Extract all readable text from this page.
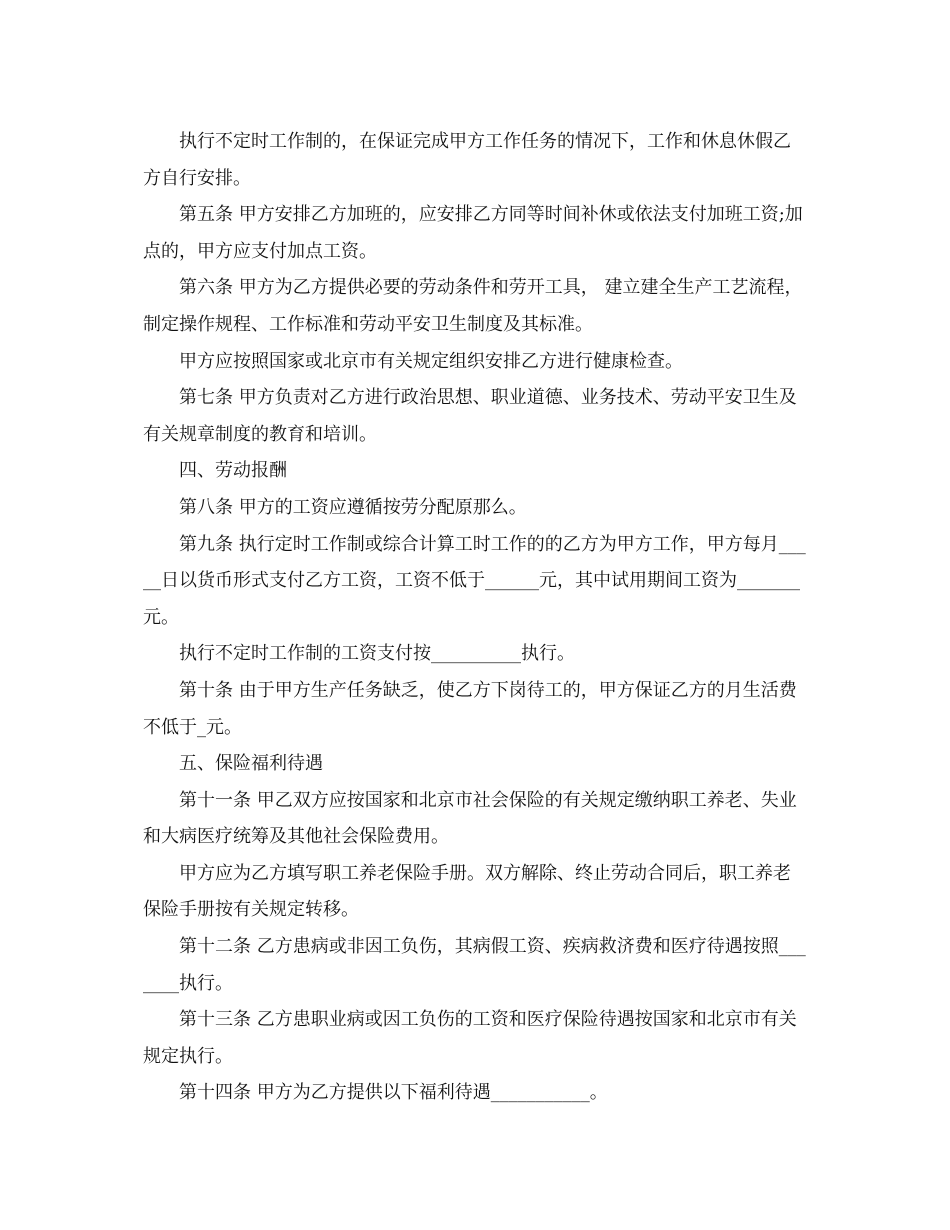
执行不定时工作制的，在保证完成甲方工作任务的情况下，工作和休息休假乙方自行安排。

第五条 甲方安排乙方加班的，应安排乙方同等时间补休或依法支付加班工资;加点的，甲方应支付加点工资。

第六条 甲方为乙方提供必要的劳动条件和劳开工具， 建立建全生产工艺流程， 制定操作规程、工作标准和劳动平安卫生制度及其标准。

甲方应按照国家或北京市有关规定组织安排乙方进行健康检查。

第七条 甲方负责对乙方进行政治思想、职业道德、业务技术、劳动平安卫生及有关规章制度的教育和培训。

四、劳动报酬

第八条 甲方的工资应遵循按劳分配原那么。

第九条 执行定时工作制或综合计算工时工作的的乙方为甲方工作，甲方每月_____日以货币形式支付乙方工资，工资不低于______元，其中试用期间工资为_______元。

执行不定时工作制的工资支付按__________执行。

第十条 由于甲方生产任务缺乏，使乙方下岗待工的，甲方保证乙方的月生活费不低于_元。

五、保险福利待遇

第十一条 甲乙双方应按国家和北京市社会保险的有关规定缴纳职工养老、失业和大病医疗统筹及其他社会保险费用。

甲方应为乙方填写职工养老保险手册。双方解除、终止劳动合同后，职工养老保险手册按有关规定转移。

第十二条 乙方患病或非因工负伤，其病假工资、疾病救济费和医疗待遇按照_______执行。

第十三条 乙方患职业病或因工负伤的工资和医疗保险待遇按国家和北京市有关规定执行。

第十四条 甲方为乙方提供以下福利待遇___________。
